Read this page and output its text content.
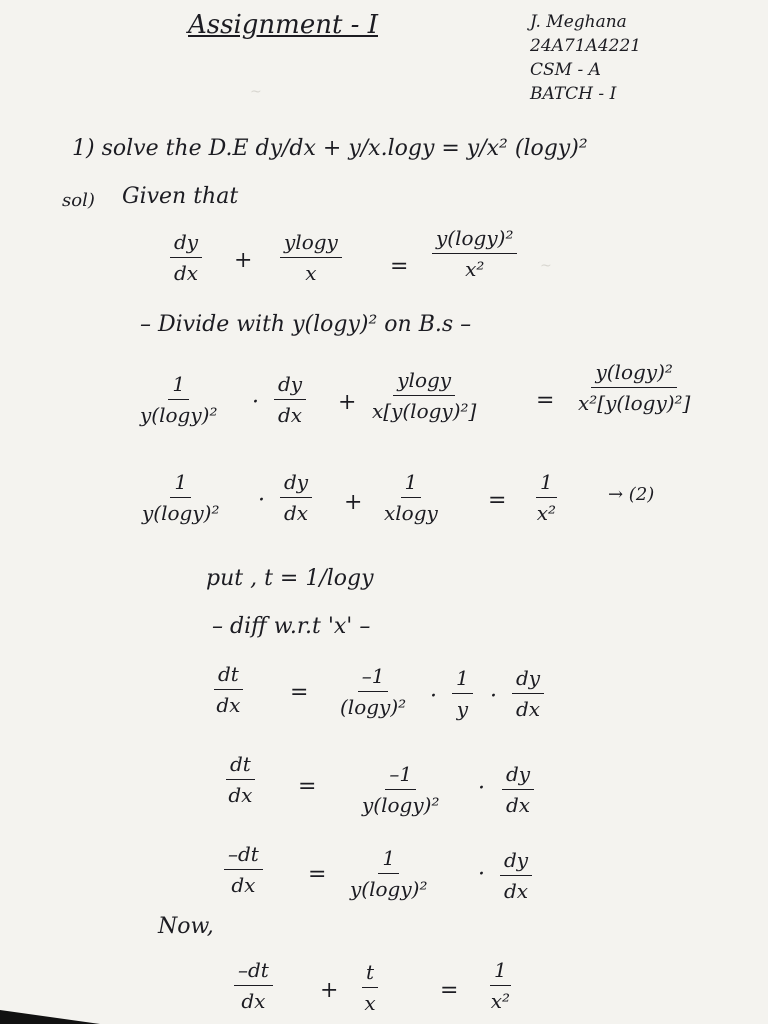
~
~
Assignment - I	J. Meghana
24A71A4221
CSM - A
BATCH - I
1) solve the D.E dy/dx + y/x.logy = y/x² (logy)²
sol) Given that
$\frac{dy}{dx} + \frac{ylogy}{x} = \frac{\text{y(logy)²}}{\text{x²}}$
– Divide with y(logy)² on B.s –
$\frac{1}{\text{y(logy)²}} \cdot \frac{dy}{dx} + \frac{ylogy}{\text{x[y(logy)²]}}$	= $\frac{\text{y(logy)²}}{\text{x²[y(logy)²]}}$
$\frac{1}{\text{y(logy)²}} \cdot \frac{dy}{dx} + \frac{1}{xlogy} = \frac{1}{\text{x²}}$	→ (2)
put , t = 1/logy
– diff w.r.t 'x' –
$\frac{dt}{dx} = \frac{-1}{\text{(logy)²}} \cdot \frac{1}{y} \cdot \frac{dy}{dx}$
$\frac{dt}{dx} = \frac{-1}{\text{y(logy)²}} \cdot \frac{dy}{dx}$
$\frac{-dt}{dx} = \frac{1}{\text{y(logy)²}} \cdot \frac{dy}{dx}$
Now,
$\frac{-dt}{dx} + \frac{t}{x}$	= $\frac{1}{\text{x²}}$
